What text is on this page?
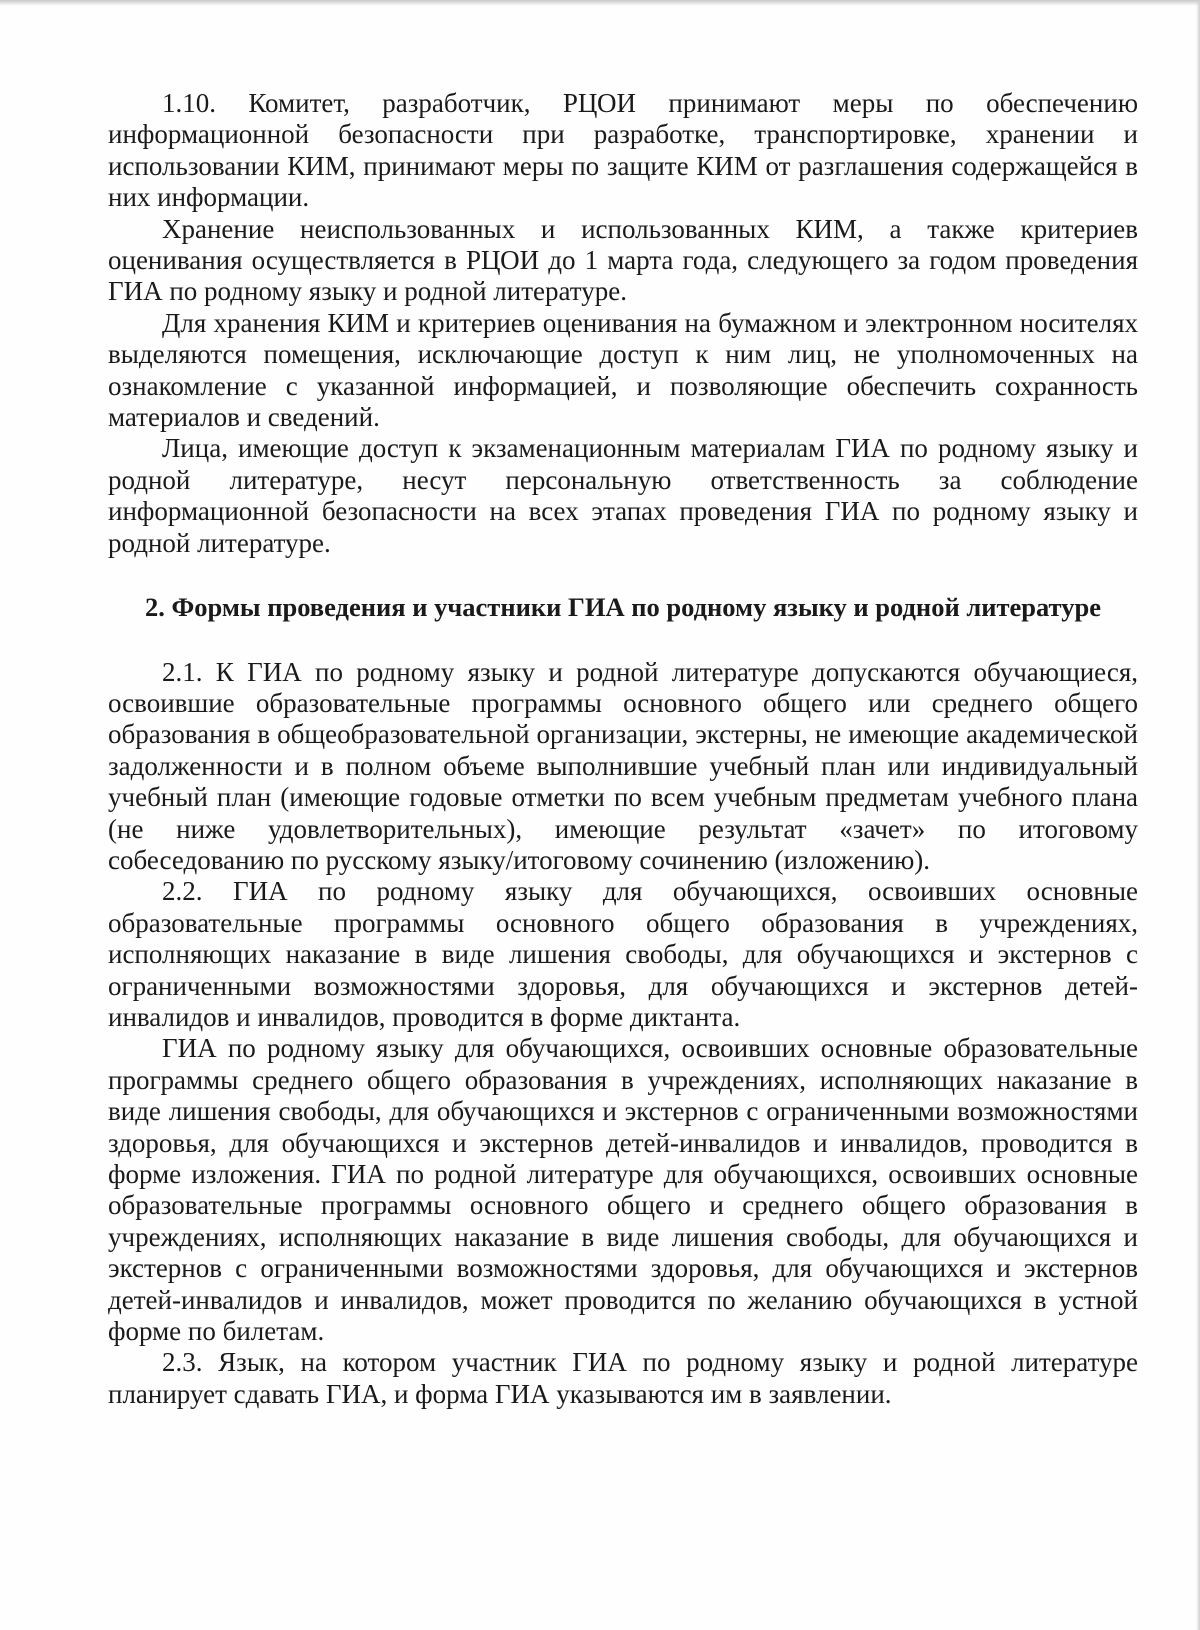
1.10. Комитет, разработчик, РЦОИ принимают меры по обеспечению информационной безопасности при разработке, транспортировке, хранении и использовании КИМ, принимают меры по защите КИМ от разглашения содержащейся в них информации.

Хранение неиспользованных и использованных КИМ, а также критериев оценивания осуществляется в РЦОИ до 1 марта года, следующего за годом проведения ГИА по родному языку и родной литературе.

Для хранения КИМ и критериев оценивания на бумажном и электронном носителях выделяются помещения, исключающие доступ к ним лиц, не уполномоченных на ознакомление с указанной информацией, и позволяющие обеспечить сохранность материалов и сведений.

Лица, имеющие доступ к экзаменационным материалам ГИА по родному языку и родной литературе, несут персональную ответственность за соблюдение информационной безопасности на всех этапах проведения ГИА по родному языку и родной литературе.

2. Формы проведения и участники ГИА по родному языку и родной литературе

2.1. К ГИА по родному языку и родной литературе допускаются обучающиеся, освоившие образовательные программы основного общего или среднего общего образования в общеобразовательной организации, экстерны, не имеющие академической задолженности и в полном объеме выполнившие учебный план или индивидуальный учебный план (имеющие годовые отметки по всем учебным предметам учебного плана (не ниже удовлетворительных), имеющие результат «зачет» по итоговому собеседованию по русскому языку/итоговому сочинению (изложению).

2.2. ГИА по родному языку для обучающихся, освоивших основные образовательные программы основного общего образования в учреждениях, исполняющих наказание в виде лишения свободы, для обучающихся и экстернов с ограниченными возможностями здоровья, для обучающихся и экстернов детей-инвалидов и инвалидов, проводится в форме диктанта.

ГИА по родному языку для обучающихся, освоивших основные образовательные программы среднего общего образования в учреждениях, исполняющих наказание в виде лишения свободы, для обучающихся и экстернов с ограниченными возможностями здоровья, для обучающихся и экстернов детей-инвалидов и инвалидов, проводится в форме изложения. ГИА по родной литературе для обучающихся, освоивших основные образовательные программы основного общего и среднего общего образования в учреждениях, исполняющих наказание в виде лишения свободы, для обучающихся и экстернов с ограниченными возможностями здоровья, для обучающихся и экстернов детей-инвалидов и инвалидов, может проводится по желанию обучающихся в устной форме по билетам.

2.3. Язык, на котором участник ГИА по родному языку и родной литературе планирует сдавать ГИА, и форма ГИА указываются им в заявлении.
